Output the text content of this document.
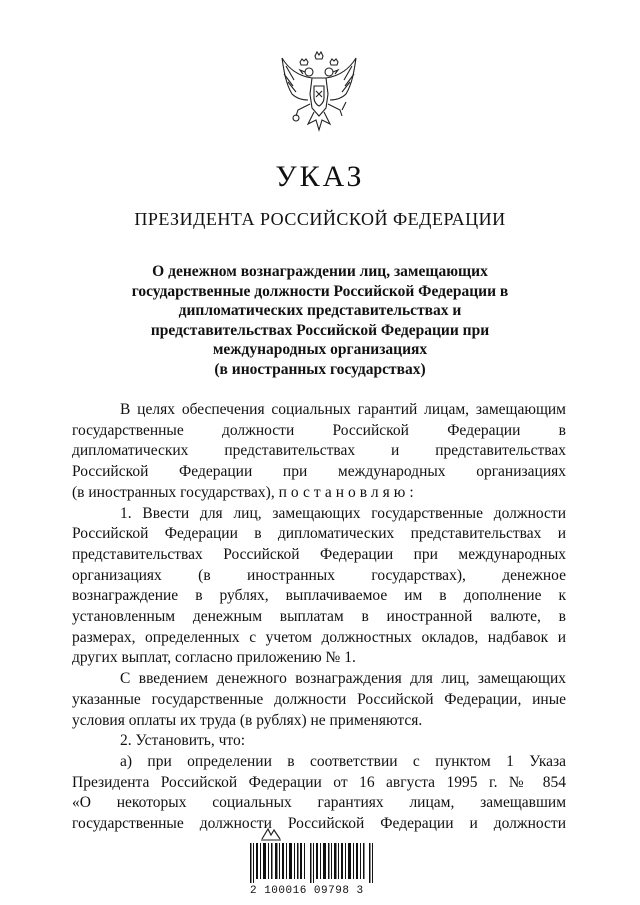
УКАЗ
ПРЕЗИДЕНТА РОССИЙСКОЙ ФЕДЕРАЦИИ
О денежном вознаграждении лиц, замещающих
государственные должности Российской Федерации в
дипломатических представительствах и
представительствах Российской Федерации при
международных организациях
(в иностранных государствах)
В целях обеспечения социальных гарантий лицам, замещающим
государственные должности Российской Федерации в
дипломатических представительствах и представительствах
Российской Федерации при международных организациях
(в иностранных государствах), постановляю:
1. Ввести для лиц, замещающих государственные должности
Российской Федерации в дипломатических представительствах и
представительствах Российской Федерации при международных
организациях (в иностранных государствах), денежное
вознаграждение в рублях, выплачиваемое им в дополнение к
установленным денежным выплатам в иностранной валюте, в
размерах, определенных с учетом должностных окладов, надбавок и
других выплат, согласно приложению № 1.
С введением денежного вознаграждения для лиц, замещающих
указанные государственные должности Российской Федерации, иные
условия оплаты их труда (в рублях) не применяются.
2. Установить, что:
а) при определении в соответствии с пунктом 1 Указа
Президента Российской Федерации от 16 августа 1995 г. № 854
«О некоторых социальных гарантиях лицам, замещавшим
государственные должности Российской Федерации и должности
2 100016 09798 3
